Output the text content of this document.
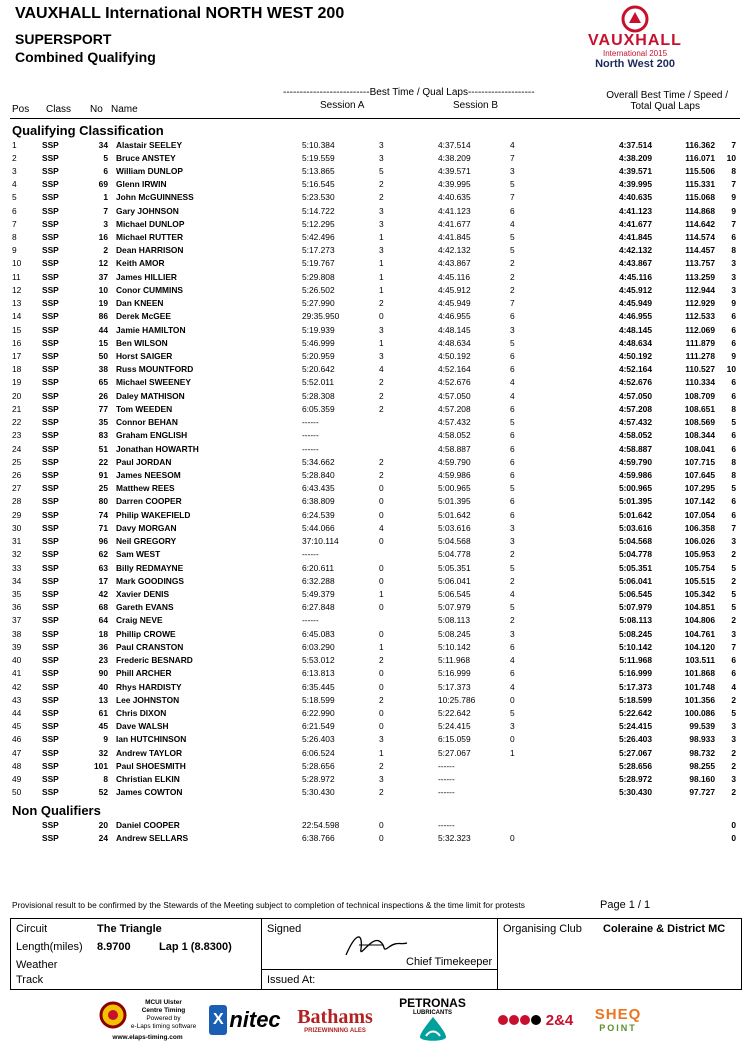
VAUXHALL International NORTH WEST 200
SUPERSPORT
Combined Qualifying
VAUXHALL
International 2015
North West 200
--------------------------Best Time / Qual Laps--------------------
Session A	Session B
Overall Best Time / Speed /
Total Qual Laps
Pos Class No Name
Qualifying Classification
1	SSP	34 Alastair SEELEY	5:10.384	3	4:37.514	4	4:37.514	116.362	7
2	SSP	5 Bruce ANSTEY	5:19.559	3	4:38.209	7	4:38.209	116.071	10
3	SSP	6 William DUNLOP	5:13.865	5	4:39.571	3	4:39.571	115.506	8
4	SSP	69 Glenn IRWIN	5:16.545	2	4:39.995	5	4:39.995	115.331	7
5	SSP	1 John McGUINNESS	5:23.530	2	4:40.635	7	4:40.635	115.068	9
6	SSP	7 Gary JOHNSON	5:14.722	3	4:41.123	6	4:41.123	114.868	9
7	SSP	3 Michael DUNLOP	5:12.295	3	4:41.677	4	4:41.677	114.642	7
8	SSP	16 Michael RUTTER	5:42.496	1	4:41.845	5	4:41.845	114.574	6
9	SSP	2 Dean HARRISON	5:17.273	3	4:42.132	5	4:42.132	114.457	8
10 SSP	12 Keith AMOR	5:19.767	1	4:43.867	2	4:43.867	113.757	3
11	SSP	37 James HILLIER	5:29.808	1	4:45.116	2	4:45.116	113.259	3
12 SSP	10 Conor CUMMINS	5:26.502	1	4:45.912	2	4:45.912	112.944	3
13 SSP	19 Dan KNEEN	5:27.990	2	4:45.949	7	4:45.949	112.929	9
14 SSP	86 Derek McGEE	29:35.950	0	4:46.955	6	4:46.955	112.533	6
15 SSP	44 Jamie HAMILTON	5:19.939	3	4:48.145	3	4:48.145	112.069	6
16 SSP	15 Ben WILSON	5:46.999	1	4:48.634	5	4:48.634	111.879	6
17 SSP	50 Horst SAIGER	5:20.959	3	4:50.192	6	4:50.192	111.278	9
18 SSP	38 Russ MOUNTFORD	5:20.642	4	4:52.164	6	4:52.164	110.527	10
19 SSP	65 Michael SWEENEY	5:52.011	2	4:52.676	4	4:52.676	110.334	6
20 SSP	26 Daley MATHISON	5:28.308	2	4:57.050	4	4:57.050	108.709	6
21 SSP	77 Tom WEEDEN	6:05.359	2	4:57.208	6	4:57.208	108.651	8
22 SSP	35 Connor BEHAN	------	4:57.432	5	4:57.432	108.569	5
23 SSP	83 Graham ENGLISH	------	4:58.052	6	4:58.052	108.344	6
24 SSP	51 Jonathan HOWARTH	------	4:58.887	6	4:58.887	108.041	6
25 SSP	22 Paul JORDAN	5:34.662	2	4:59.790	6	4:59.790	107.715	8
26 SSP	91 James NEESOM	5:28.840	2	4:59.986	6	4:59.986	107.645	8
27 SSP	25 Matthew REES	6:43.435	0	5:00.965	5	5:00.965	107.295	5
28 SSP	80 Darren COOPER	6:38.809	0	5:01.395	6	5:01.395	107.142	6
29 SSP	74 Philip WAKEFIELD	6:24.539	0	5:01.642	6	5:01.642	107.054	6
30 SSP	71 Davy MORGAN	5:44.066	4	5:03.616	3	5:03.616	106.358	7
31 SSP	96 Neil GREGORY	37:10.114	0	5:04.568	3	5:04.568	106.026	3
32 SSP	62 Sam WEST	------	5:04.778	2	5:04.778	105.953	2
33 SSP	63 Billy REDMAYNE	6:20.611	0	5:05.351	5	5:05.351	105.754	5
34 SSP	17 Mark GOODINGS	6:32.288	0	5:06.041	2	5:06.041	105.515	2
35 SSP	42 Xavier DENIS	5:49.379	1	5:06.545	4	5:06.545	105.342	5
36 SSP	68 Gareth EVANS	6:27.848	0	5:07.979	5	5:07.979	104.851	5
37 SSP	64 Craig NEVE	------	5:08.113	2	5:08.113	104.806	2
38 SSP	18 Phillip CROWE	6:45.083	0	5:08.245	3	5:08.245	104.761	3
39 SSP	36 Paul CRANSTON	6:03.290	1	5:10.142	6	5:10.142	104.120	7
40 SSP	23 Frederic BESNARD	5:53.012	2	5:11.968	4	5:11.968	103.511	6
41 SSP	90 Phill ARCHER	6:13.813	0	5:16.999	6	5:16.999	101.868	6
42 SSP	40 Rhys HARDISTY	6:35.445	0	5:17.373	4	5:17.373	101.748	4
43 SSP	13 Lee JOHNSTON	5:18.599	2	10:25.786	0	5:18.599	101.356	2
44 SSP	61 Chris DIXON	6:22.990	0	5:22.642	5	5:22.642	100.086	5
45 SSP	45 Dave WALSH	6:21.549	0	5:24.415	3	5:24.415	99.539	3
46 SSP	9 Ian HUTCHINSON	5:26.403	3	6:15.059	0	5:26.403	98.933	3
47 SSP	32 Andrew TAYLOR	6:06.524	1	5:27.067	1	5:27.067	98.732	2
48 SSP	101 Paul SHOESMITH	5:28.656	2	------	5:28.656	98.255	2
49 SSP	8 Christian ELKIN	5:28.972	3	------	5:28.972	98.160	3
50 SSP	52 James COWTON	5:30.430	2	------	5:30.430	97.727	2
Non Qualifiers
SSP	20 Daniel COOPER	22:54.598	0	------	0
SSP	24 Andrew SELLARS	6:38.766	0	5:32.323	0	0
Provisional result to be confirmed by the Stewards of the Meeting subject to completion of technical inspections & the time limit for protests	Page 1 / 1
Circuit	The Triangle
Length(miles) 8.9700	Lap 1 (8.8300)
Weather
Track
Signed
Chief Timekeeper
Issued At:
Organising Club Coleraine & District MC
MCUI Ulster
Centre Timing
Powered by
e-Laps timing software
www.elaps-timing.com
X nitec Bathams
PRIZEWINNING ALES
PETRONAS
LUBRICANTS	2&4 SHEQ
POINT
